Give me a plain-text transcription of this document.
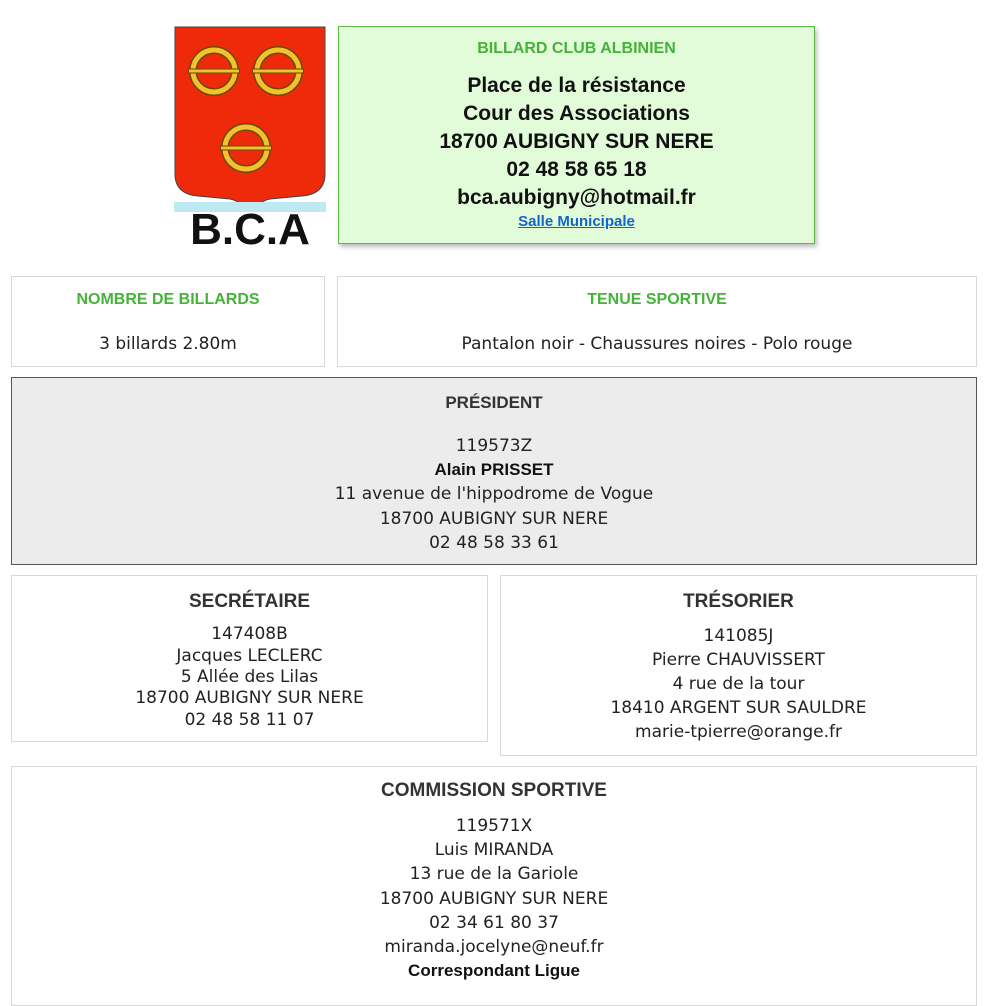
B.C.A
BILLARD CLUB ALBINIEN
Place de la résistance
Cour des Associations
18700 AUBIGNY SUR NERE
02 48 58 65 18
bca.aubigny@hotmail.fr
Salle Municipale
NOMBRE DE BILLARDS
3 billards 2.80m
TENUE SPORTIVE
Pantalon noir - Chaussures noires - Polo rouge
PRÉSIDENT
119573Z
Alain PRISSET
11 avenue de l'hippodrome de Vogue
18700 AUBIGNY SUR NERE
02 48 58 33 61
SECRÉTAIRE
147408B
Jacques LECLERC
5 Allée des Lilas
18700 AUBIGNY SUR NERE
02 48 58 11 07
TRÉSORIER
141085J
Pierre CHAUVISSERT
4 rue de la tour
18410 ARGENT SUR SAULDRE
marie-tpierre@orange.fr
COMMISSION SPORTIVE
119571X
Luis MIRANDA
13 rue de la Gariole
18700 AUBIGNY SUR NERE
02 34 61 80 37
miranda.jocelyne@neuf.fr
Correspondant Ligue
